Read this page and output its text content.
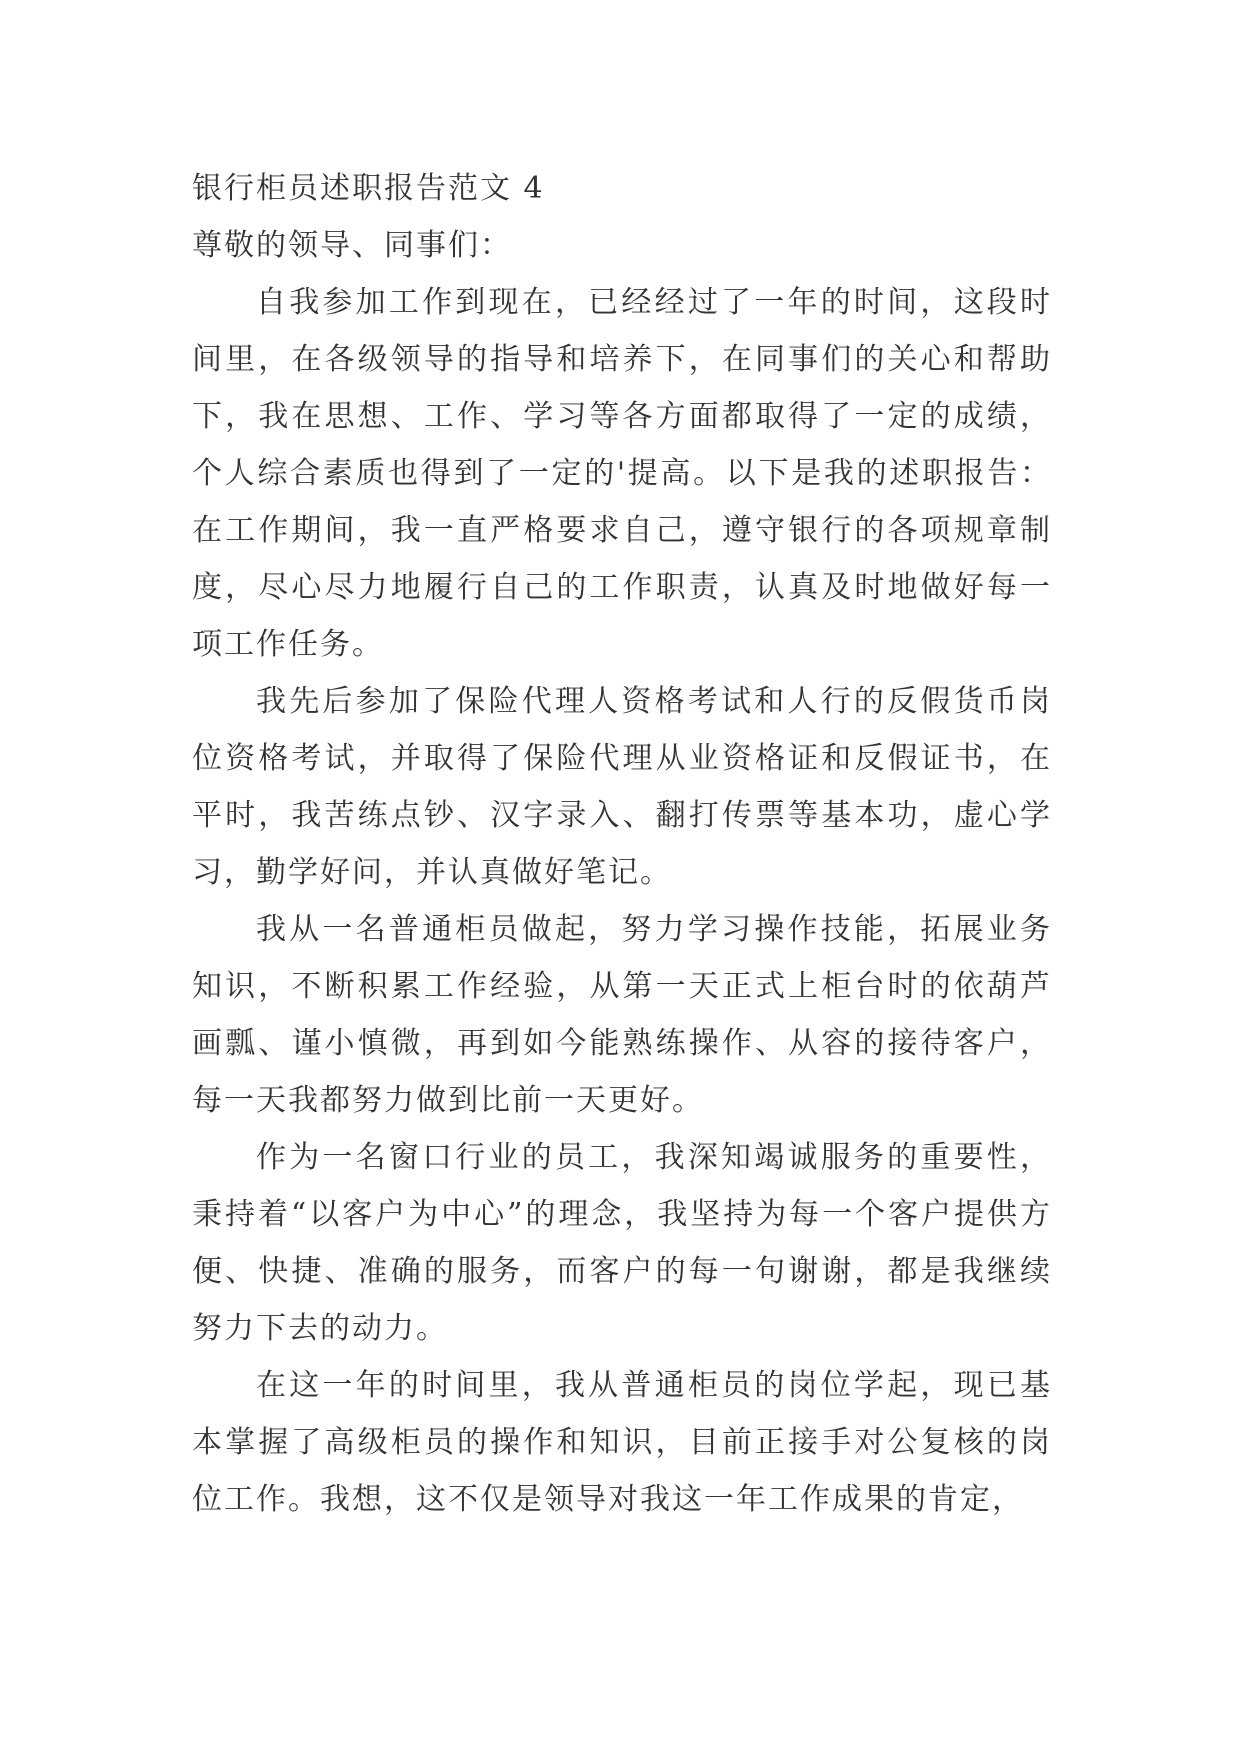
银行柜员述职报告范文 4

尊敬的领导、同事们：

自我参加工作到现在，已经经过了一年的时间，这段时间里，在各级领导的指导和培养下，在同事们的关心和帮助下，我在思想、工作、学习等各方面都取得了一定的成绩，个人综合素质也得到了一定的'提高。以下是我的述职报告：在工作期间，我一直严格要求自己，遵守银行的各项规章制度，尽心尽力地履行自己的工作职责，认真及时地做好每一项工作任务。

我先后参加了保险代理人资格考试和人行的反假货币岗位资格考试，并取得了保险代理从业资格证和反假证书，在平时，我苦练点钞、汉字录入、翻打传票等基本功，虚心学习，勤学好问，并认真做好笔记。

我从一名普通柜员做起，努力学习操作技能，拓展业务知识，不断积累工作经验，从第一天正式上柜台时的依葫芦画瓢、谨小慎微，再到如今能熟练操作、从容的接待客户，每一天我都努力做到比前一天更好。

作为一名窗口行业的员工，我深知竭诚服务的重要性，秉持着“以客户为中心”的理念，我坚持为每一个客户提供方便、快捷、准确的服务，而客户的每一句谢谢，都是我继续努力下去的动力。

在这一年的时间里，我从普通柜员的岗位学起，现已基本掌握了高级柜员的操作和知识，目前正接手对公复核的岗位工作。我想，这不仅是领导对我这一年工作成果的肯定，
